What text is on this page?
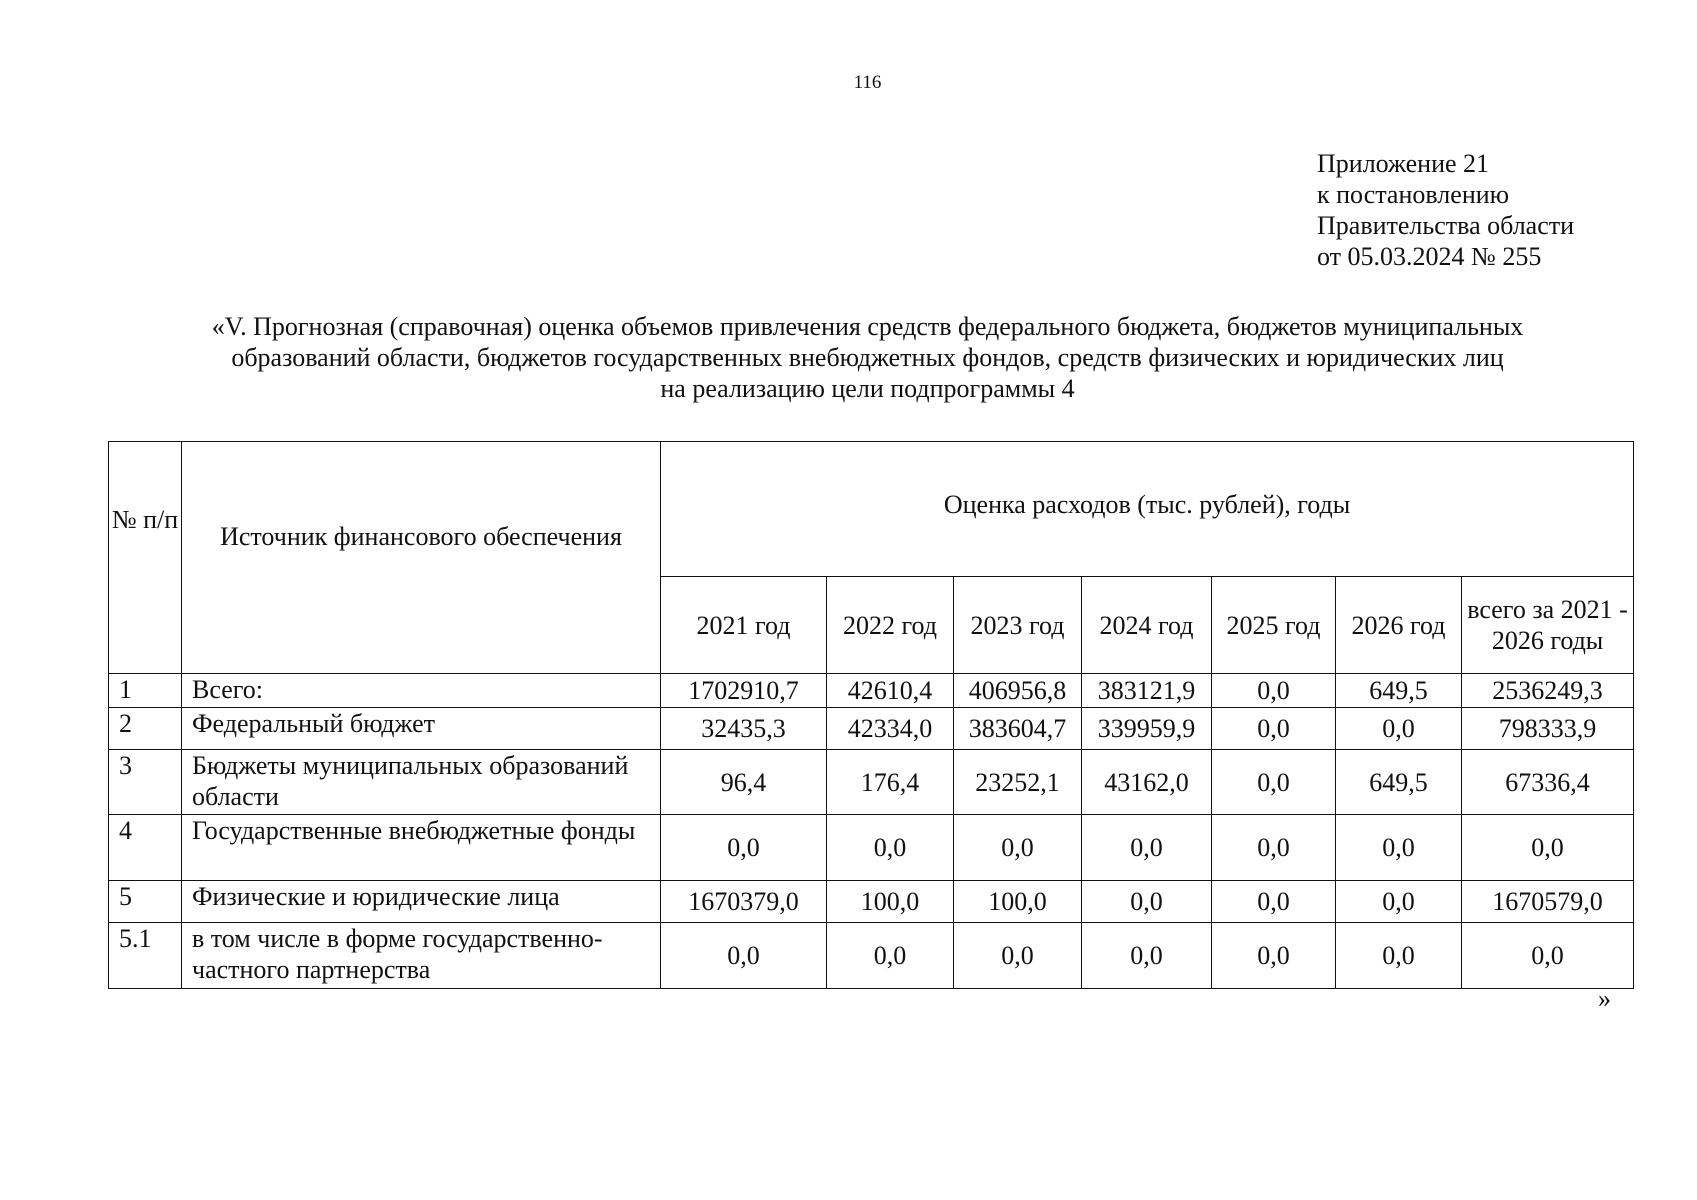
116
Приложение 21
к постановлению
Правительства области
от 05.03.2024 № 255
«V. Прогнозная (справочная) оценка объемов привлечения средств федерального бюджета, бюджетов муниципальных
образований области, бюджетов государственных внебюджетных фондов, средств физических и юридических лиц
на реализацию цели подпрограммы 4
№ п/п	Источник финансового обеспечения	Оценка расходов (тыс. рублей), годы						
		2021 год	2022 год	2023 год	2024 год	2025 год	2026 год	всего за 2021 - 2026 годы
1	Всего:	1702910,7	42610,4	406956,8	383121,9	0,0	649,5	2536249,3
2	Федеральный бюджет	32435,3	42334,0	383604,7	339959,9	0,0	0,0	798333,9
3	Бюджеты муниципальных образований области	96,4	176,4	23252,1	43162,0	0,0	649,5	67336,4
4	Государственные внебюджетные фонды	0,0	0,0	0,0	0,0	0,0	0,0	0,0
5	Физические и юридические лица	1670379,0	100,0	100,0	0,0	0,0	0,0	1670579,0
5.1	в том числе в форме государственно-частного партнерства	0,0	0,0	0,0	0,0	0,0	0,0	0,0
»
